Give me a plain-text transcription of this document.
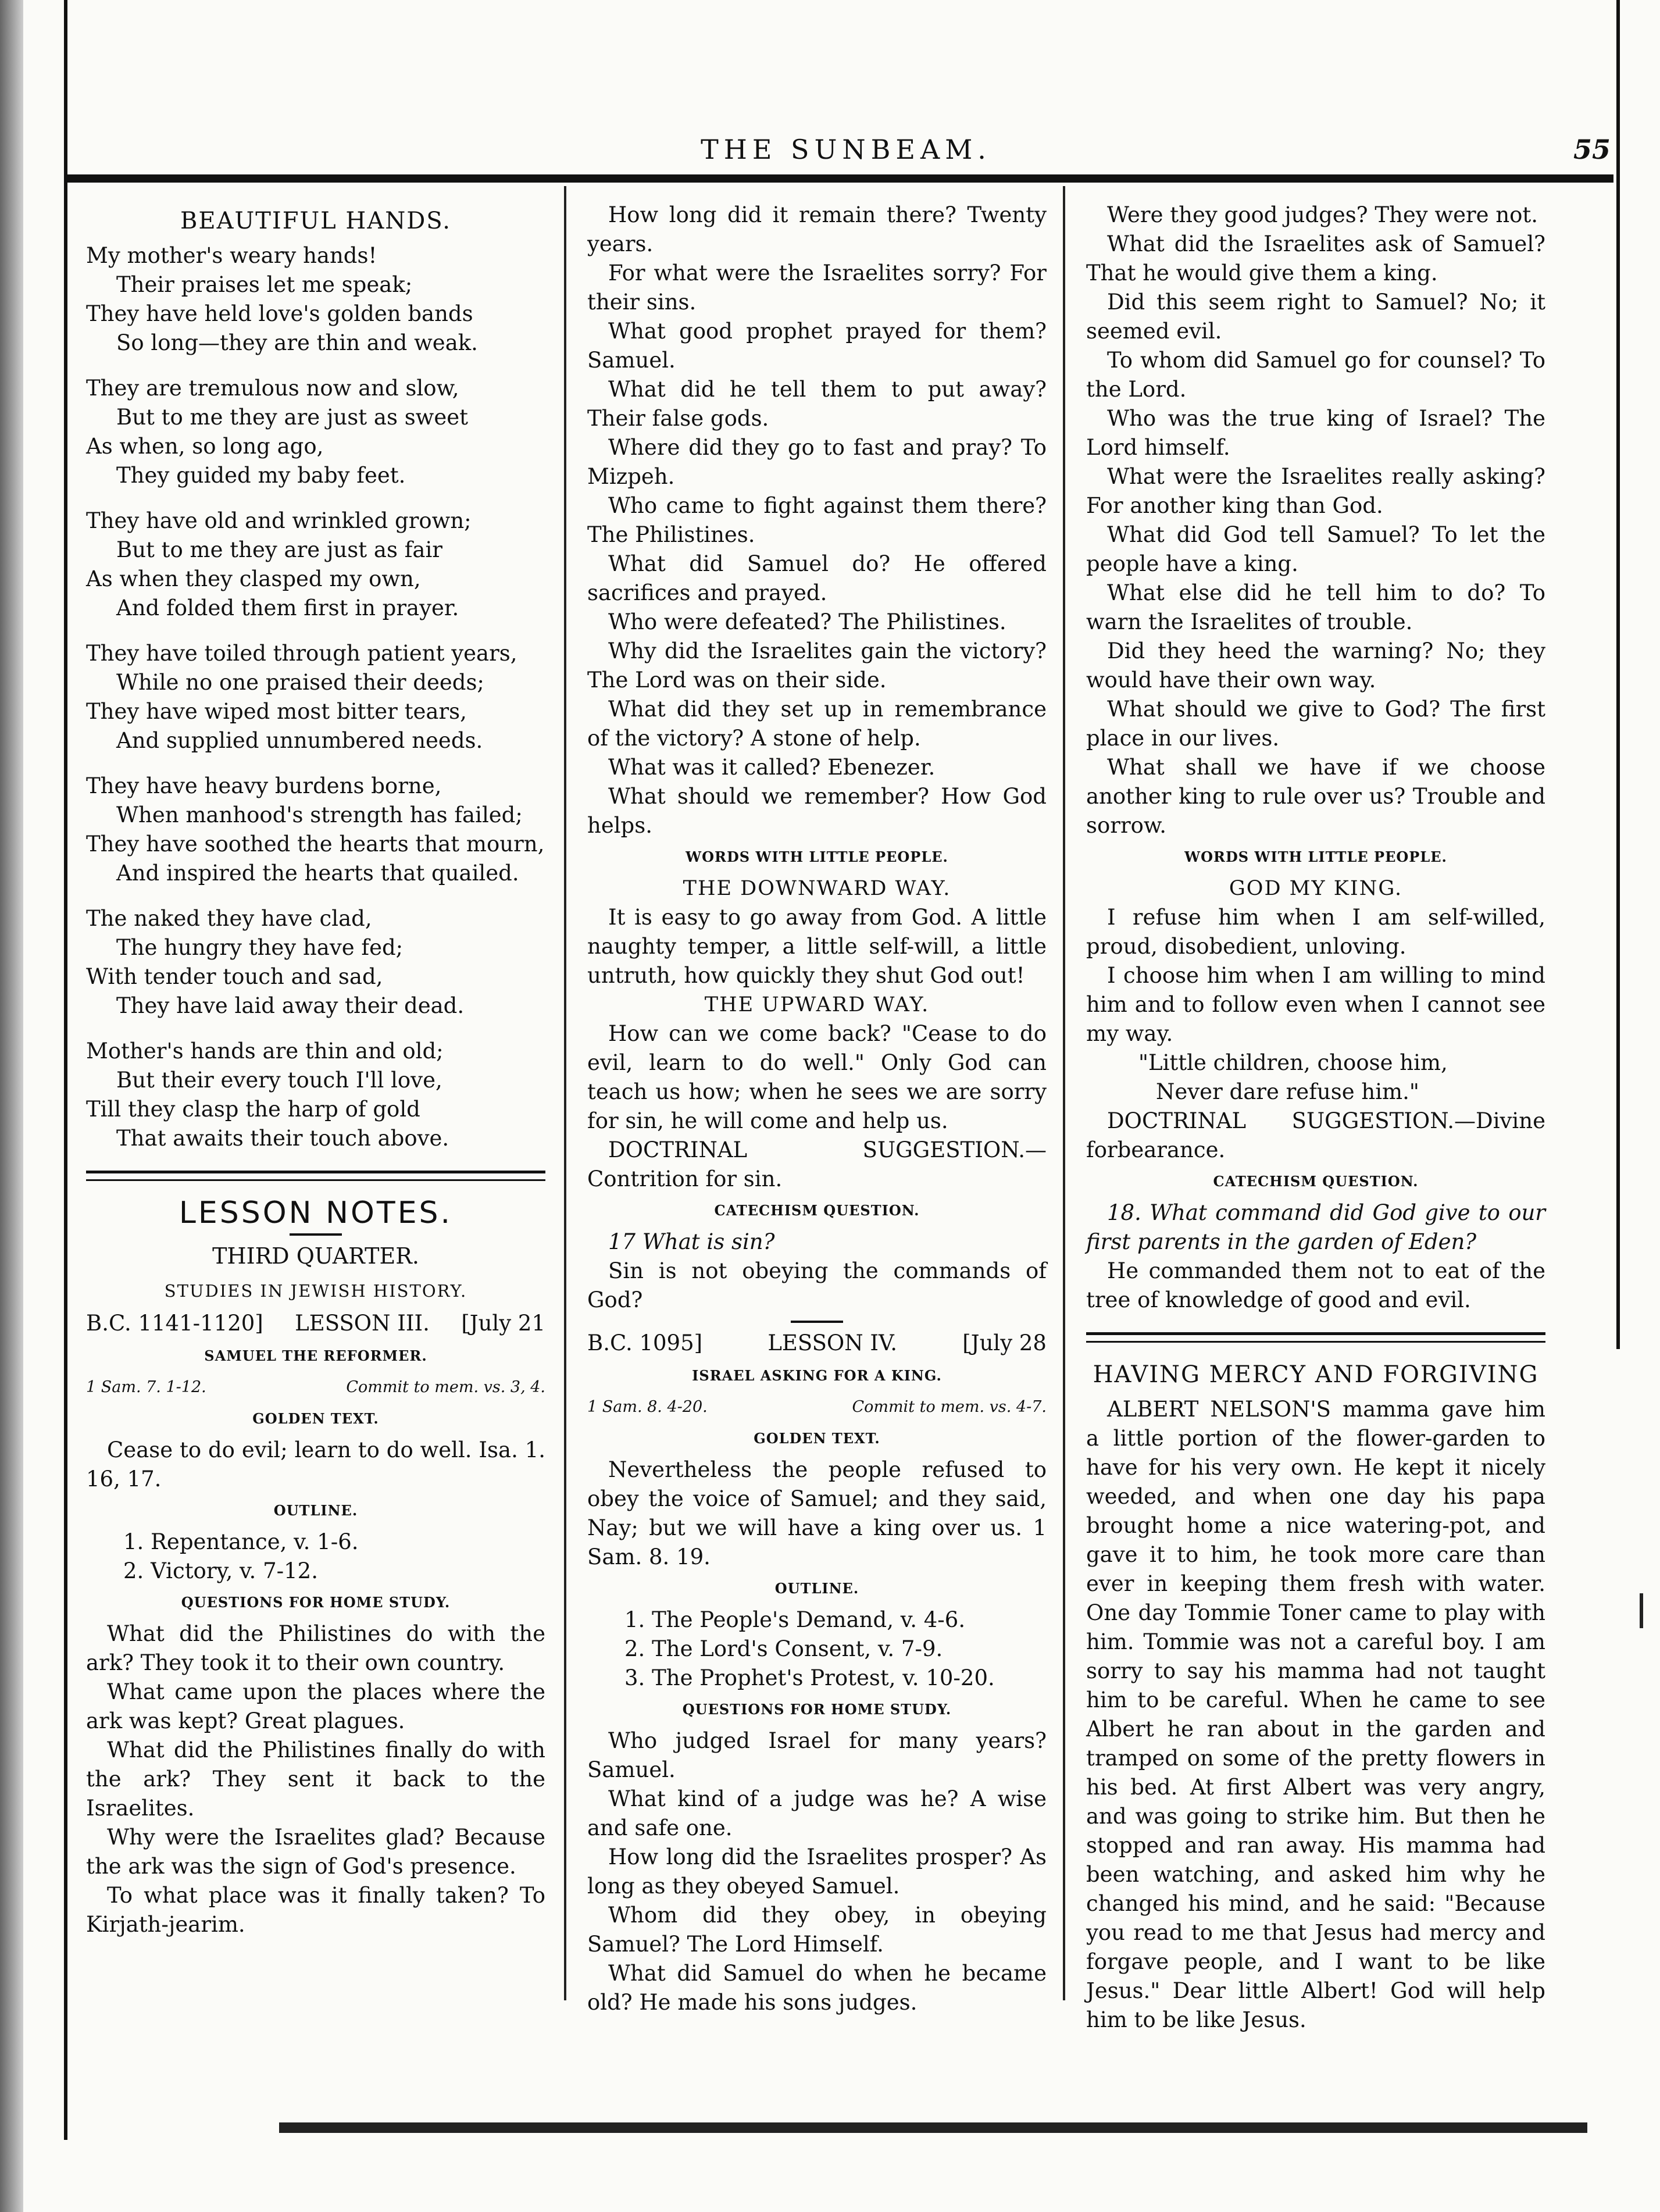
THE SUNBEAM.	55
BEAUTIFUL HANDS.

My mother's weary hands!

Their praises let me speak;

They have held love's golden bands

So long—they are thin and weak.

They are tremulous now and slow,

But to me they are just as sweet

As when, so long ago,

They guided my baby feet.

They have old and wrinkled grown;

But to me they are just as fair

As when they clasped my own,

And folded them first in prayer.

They have toiled through patient years,

While no one praised their deeds;

They have wiped most bitter tears,

And supplied unnumbered needs.

They have heavy burdens borne,

When manhood's strength has failed;

They have soothed the hearts that mourn,

And inspired the hearts that quailed.

The naked they have clad,

The hungry they have fed;

With tender touch and sad,

They have laid away their dead.

Mother's hands are thin and old;

But their every touch I'll love,

Till they clasp the harp of gold

That awaits their touch above.

LESSON NOTES.
THIRD QUARTER.
STUDIES IN JEWISH HISTORY.
B.C. 1141-1120] LESSON III. [July 21
SAMUEL THE REFORMER.
1 Sam. 7. 1-12.	Commit to mem. vs. 3, 4.
GOLDEN TEXT.

Cease to do evil; learn to do well. Isa. 1. 16, 17.

OUTLINE.

1. Repentance, v. 1-6.

2. Victory, v. 7-12.

QUESTIONS FOR HOME STUDY.

What did the Philistines do with the ark? They took it to their own country.

What came upon the places where the ark was kept? Great plagues.

What did the Philistines finally do with the ark? They sent it back to the Israelites.

Why were the Israelites glad? Because the ark was the sign of God's presence.

To what place was it finally taken? To Kirjath-jearim.

How long did it remain there? Twenty years.

For what were the Israelites sorry? For their sins.

What good prophet prayed for them? Samuel.

What did he tell them to put away? Their false gods.

Where did they go to fast and pray? To Mizpeh.

Who came to fight against them there? The Philistines.

What did Samuel do? He offered sacrifices and prayed.

Who were defeated? The Philistines.

Why did the Israelites gain the victory? The Lord was on their side.

What did they set up in remembrance of the victory? A stone of help.

What was it called? Ebenezer.

What should we remember? How God helps.

WORDS WITH LITTLE PEOPLE.
THE DOWNWARD WAY.

It is easy to go away from God. A little naughty temper, a little self-will, a little untruth, how quickly they shut God out!

THE UPWARD WAY.

How can we come back? "Cease to do evil, learn to do well." Only God can teach us how; when he sees we are sorry for sin, he will come and help us.

DOCTRINAL SUGGESTION.—Contrition for sin.

CATECHISM QUESTION.

17 What is sin?

Sin is not obeying the commands of God?

B.C. 1095]	LESSON IV.	[July 28
ISRAEL ASKING FOR A KING.
1 Sam. 8. 4-20.	Commit to mem. vs. 4-7.
GOLDEN TEXT.

Nevertheless the people refused to obey the voice of Samuel; and they said, Nay; but we will have a king over us. 1 Sam. 8. 19.

OUTLINE.

1. The People's Demand, v. 4-6.

2. The Lord's Consent, v. 7-9.

3. The Prophet's Protest, v. 10-20.

QUESTIONS FOR HOME STUDY.

Who judged Israel for many years? Samuel.

What kind of a judge was he? A wise and safe one.

How long did the Israelites prosper? As long as they obeyed Samuel.

Whom did they obey, in obeying Samuel? The Lord Himself.

What did Samuel do when he became old? He made his sons judges.

Were they good judges? They were not.

What did the Israelites ask of Samuel? That he would give them a king.

Did this seem right to Samuel? No; it seemed evil.

To whom did Samuel go for counsel? To the Lord.

Who was the true king of Israel? The Lord himself.

What were the Israelites really asking? For another king than God.

What did God tell Samuel? To let the people have a king.

What else did he tell him to do? To warn the Israelites of trouble.

Did they heed the warning? No; they would have their own way.

What should we give to God? The first place in our lives.

What shall we have if we choose another king to rule over us? Trouble and sorrow.

WORDS WITH LITTLE PEOPLE.
GOD MY KING.

I refuse him when I am self-willed, proud, disobedient, unloving.

I choose him when I am willing to mind him and to follow even when I cannot see my way.

"Little children, choose him,

Never dare refuse him."

DOCTRINAL SUGGESTION.—Divine forbearance.

CATECHISM QUESTION.

18. What command did God give to our first parents in the garden of Eden?

He commanded them not to eat of the tree of knowledge of good and evil.

HAVING MERCY AND FORGIVING

ALBERT NELSON'S mamma gave him a little portion of the flower-garden to have for his very own. He kept it nicely weeded, and when one day his papa brought home a nice watering-pot, and gave it to him, he took more care than ever in keeping them fresh with water. One day Tommie Toner came to play with him. Tommie was not a careful boy. I am sorry to say his mamma had not taught him to be careful. When he came to see Albert he ran about in the garden and tramped on some of the pretty flowers in his bed. At first Albert was very angry, and was going to strike him. But then he stopped and ran away. His mamma had been watching, and asked him why he changed his mind, and he said: "Because you read to me that Jesus had mercy and forgave people, and I want to be like Jesus." Dear little Albert! God will help him to be like Jesus.
